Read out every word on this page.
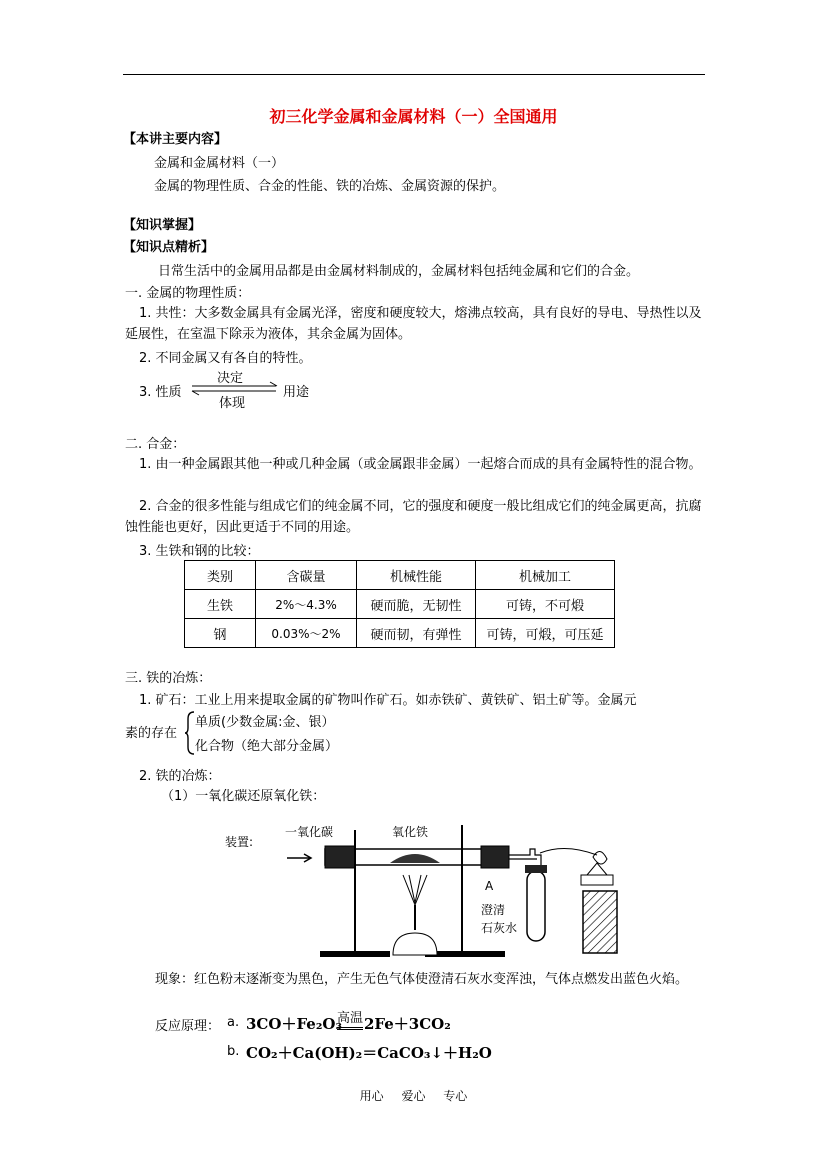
初三化学金属和金属材料（一）全国通用
【本讲主要内容】
金属和金属材料（一）
金属的物理性质、合金的性能、铁的冶炼、金属资源的保护。
【知识掌握】
【知识点精析】
日常生活中的金属用品都是由金属材料制成的，金属材料包括纯金属和它们的合金。
一. 金属的物理性质：
1. 共性：大多数金属具有金属光泽，密度和硬度较大，熔沸点较高，具有良好的导电、导热性以及延展性，在室温下除汞为液体，其余金属为固体。
2. 不同金属又有各自的特性。
3. 性质
决定
体现
用途
二. 合金：
1. 由一种金属跟其他一种或几种金属（或金属跟非金属）一起熔合而成的具有金属特性的混合物。
2. 合金的很多性能与组成它们的纯金属不同，它的强度和硬度一般比组成它们的纯金属更高，抗腐蚀性能也更好，因此更适于不同的用途。
3. 生铁和钢的比较：
类别	含碳量	机械性能	机械加工
生铁	2%～4.3%	硬而脆，无韧性	可铸，不可煅
钢	0.03%～2%	硬而韧，有弹性	可铸，可煅，可压延
三. 铁的冶炼：
1. 矿石：工业上用来提取金属的矿物叫作矿石。如赤铁矿、黄铁矿、铝土矿等。金属元
素的存在
单质(少数金属:金、银）
化合物（绝大部分金属）
2. 铁的冶炼：
（1）一氧化碳还原氧化铁：
装置:
一氧化碳	氧化铁
A
澄清
石灰水
现象：红色粉末逐渐变为黑色，产生无色气体使澄清石灰水变浑浊，气体点燃发出蓝色火焰。
反应原理： a. 3CO＋Fe₂O₃
高温 2Fe＋3CO₂
b. CO₂＋Ca(OH)₂＝CaCO₃↓＋H₂O
用心 爱心 专心
